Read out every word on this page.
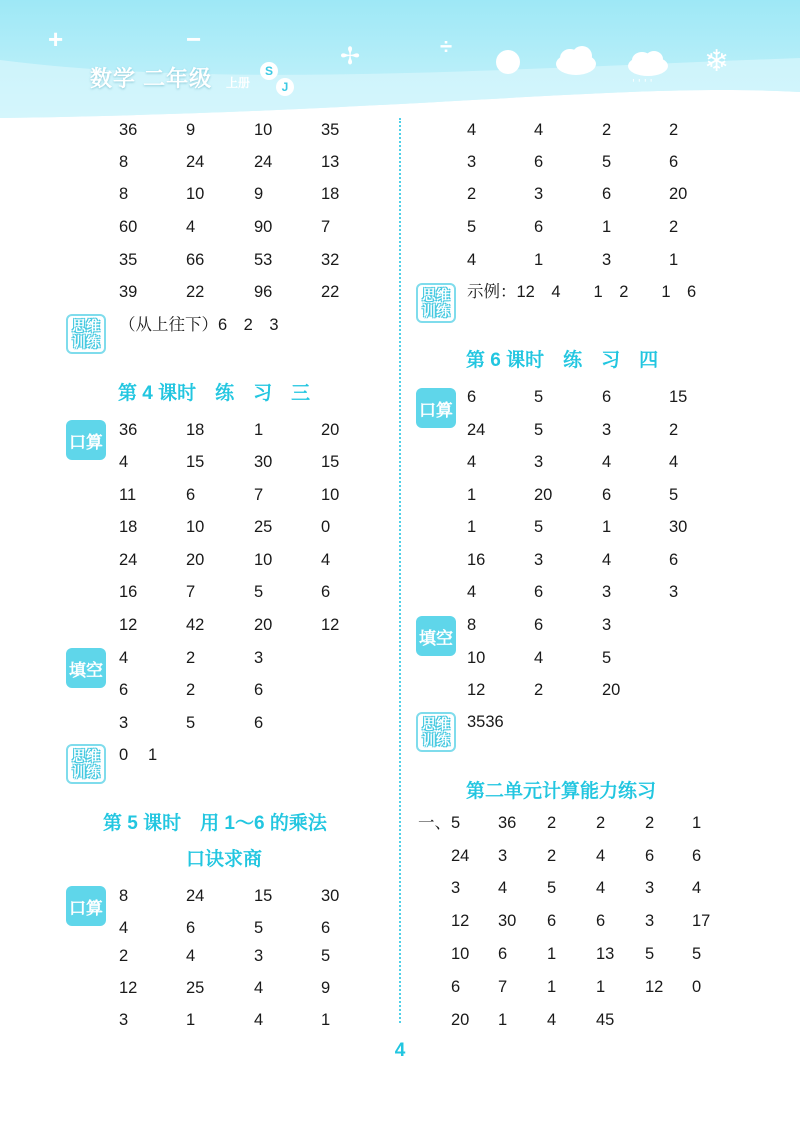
+	−
✢	÷
' ' ' '
❄
数学 二年级 上册
S
J
36	9	10	35
8	24	24	13
8	10	9	18
60	4	90	7
35	66	53	32
39	22	96	22
思维
训练
（从上往下）6　2　3
第 4 课时　练　习　三
口算
36	18	1	20
4	15	30	15
11	6	7	10
18	10	25	0
24	20	10	4
16	7	5	6
12	42	20	12
填空
4	2	3
6	2	6
3	5	6
思维
训练
0 1
第 5 课时　用 1～6 的乘法
口诀求商
口算
8	24	15	30
4	6	5	6
2	4	3	5
12	25	4	9
3	1	4	1
4	4	2	2
3	6	5	6
2	3	6	20
5	6	1	2
4	1	3	1
思维
训练
示例：12　4　　1　2　　1　6
第 6 课时　练　习　四
口算
6	5	6	15
24	5	3	2
4	3	4	4
1	20	6	5
1	5	1	30
16	3	4	6
4	6	3	3
填空
8	6	3
10	4	5
12	2	20
思维
训练
3536
第二单元计算能力练习
一、 5 36 2 2 2 1
24 3 2 4 6 6
3 4 5 4 3 4
12 30 6 6 3 17
10 6 1 13 5 5
6 7 1 1 12 0
20 1 4 45
4
